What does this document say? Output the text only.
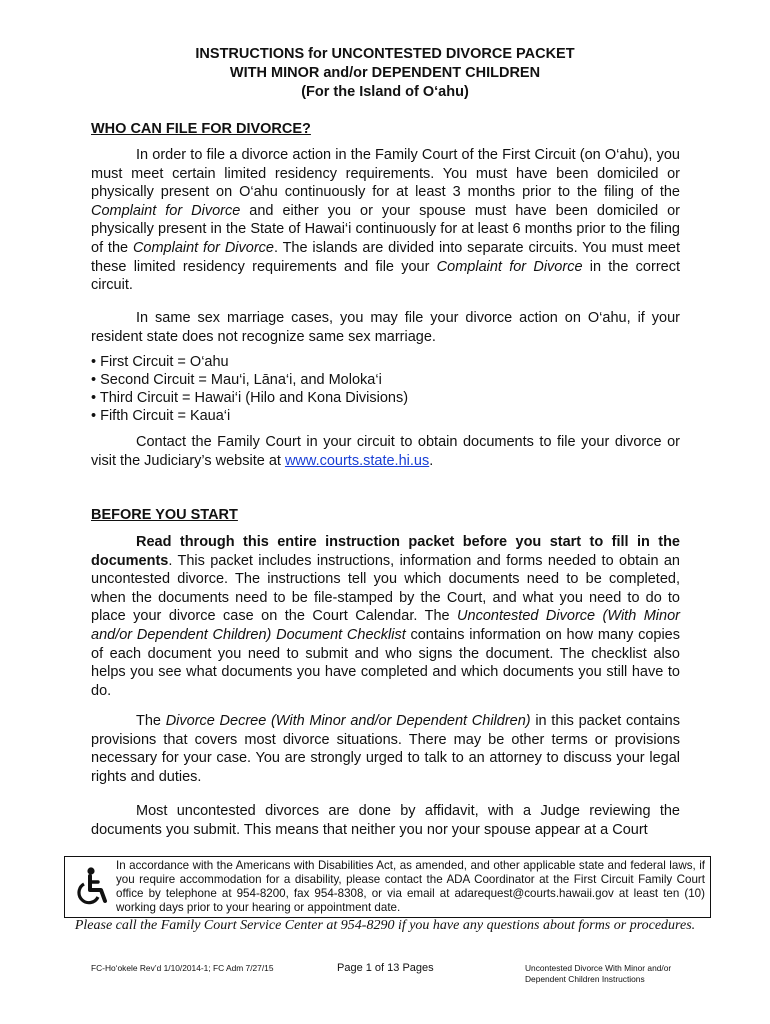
INSTRUCTIONS for UNCONTESTED DIVORCE PACKET
WITH MINOR and/or DEPENDENT CHILDREN
(For the Island of O‘ahu)
WHO CAN FILE FOR DIVORCE?
In order to file a divorce action in the Family Court of the First Circuit (on O‘ahu), you must meet certain limited residency requirements. You must have been domiciled or physically present on O‘ahu continuously for at least 3 months prior to the filing of the Complaint for Divorce and either you or your spouse must have been domiciled or physically present in the State of Hawai‘i continuously for at least 6 months prior to the filing of the Complaint for Divorce. The islands are divided into separate circuits. You must meet these limited residency requirements and file your Complaint for Divorce in the correct circuit.
In same sex marriage cases, you may file your divorce action on O‘ahu, if your resident state does not recognize same sex marriage.
• First Circuit = O‘ahu
• Second Circuit = Mau‘i, Lāna‘i, and Moloka‘i
• Third Circuit = Hawai‘i (Hilo and Kona Divisions)
• Fifth Circuit = Kaua‘i
Contact the Family Court in your circuit to obtain documents to file your divorce or visit the Judiciary’s website at www.courts.state.hi.us.
BEFORE YOU START
Read through this entire instruction packet before you start to fill in the documents. This packet includes instructions, information and forms needed to obtain an uncontested divorce. The instructions tell you which documents need to be completed, when the documents need to be file-stamped by the Court, and what you need to do to place your divorce case on the Court Calendar. The Uncontested Divorce (With Minor and/or Dependent Children) Document Checklist contains information on how many copies of each document you need to submit and who signs the document. The checklist also helps you see what documents you have completed and which documents you still have to do.
The Divorce Decree (With Minor and/or Dependent Children) in this packet contains provisions that covers most divorce situations. There may be other terms or provisions necessary for your case. You are strongly urged to talk to an attorney to discuss your legal rights and duties.
Most uncontested divorces are done by affidavit, with a Judge reviewing the documents you submit. This means that neither you nor your spouse appear at a Court
In accordance with the Americans with Disabilities Act, as amended, and other applicable state and federal laws, if you require accommodation for a disability, please contact the ADA Coordinator at the First Circuit Family Court office by telephone at 954-8200, fax 954-8308, or via email at adarequest@courts.hawaii.gov at least ten (10) working days prior to your hearing or appointment date.
Please call the Family Court Service Center at 954-8290 if you have any questions about forms or procedures.
FC-Ho‘okele Rev’d 1/10/2014-1; FC Adm 7/27/15	Page 1 of 13 Pages	Uncontested Divorce With Minor and/or
Dependent Children Instructions
